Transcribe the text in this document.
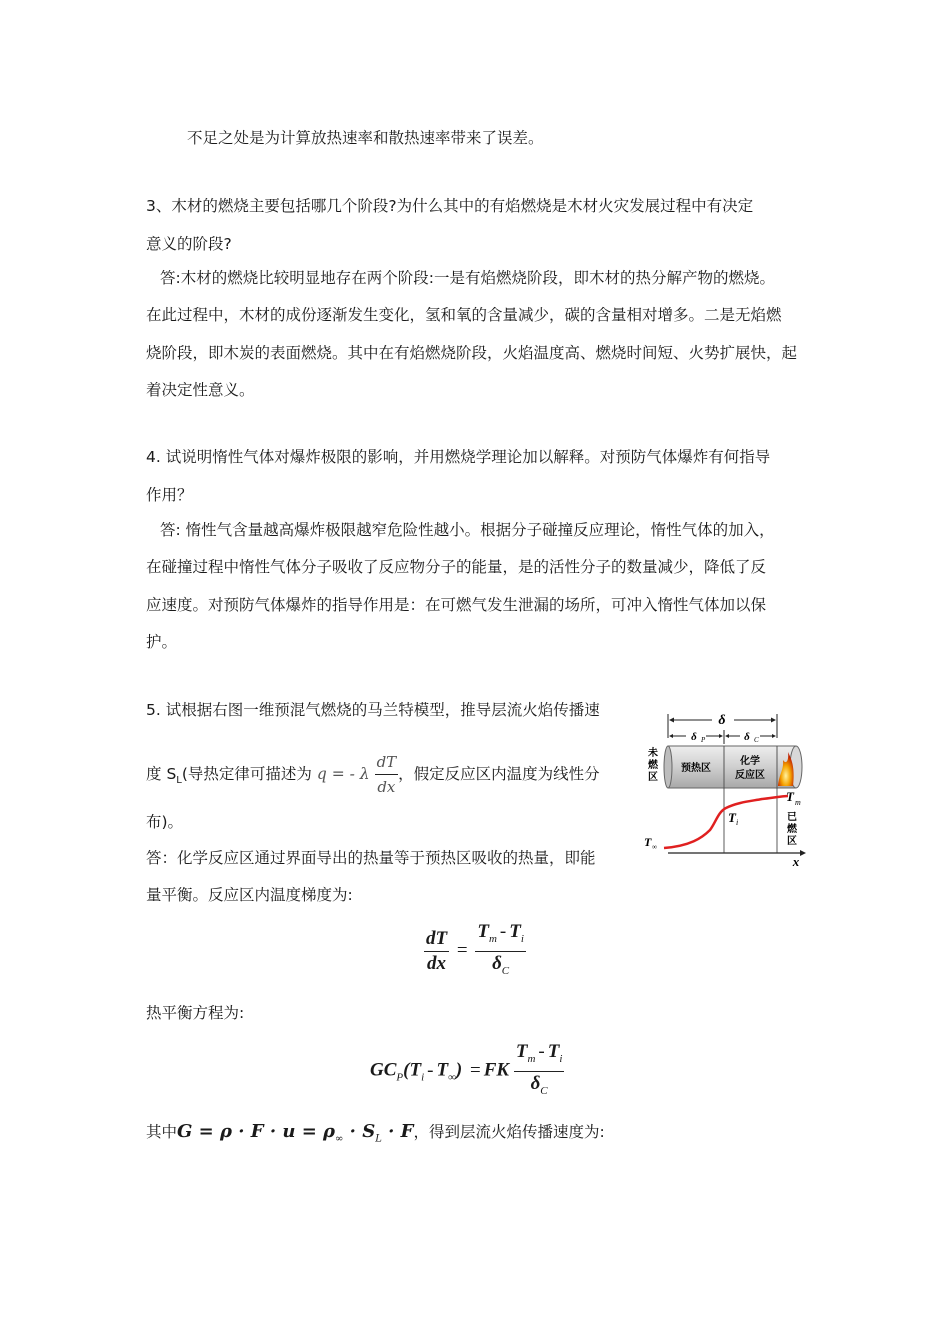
不足之处是为计算放热速率和散热速率带来了误差。
3、木材的燃烧主要包括哪几个阶段?为什么其中的有焰燃烧是木材火灾发展过程中有决定
意义的阶段?
答:木材的燃烧比较明显地存在两个阶段:一是有焰燃烧阶段，即木材的热分解产物的燃烧。
在此过程中，木材的成份逐渐发生变化，氢和氧的含量减少，碳的含量相对增多。二是无焰燃
烧阶段，即木炭的表面燃烧。其中在有焰燃烧阶段，火焰温度高、燃烧时间短、火势扩展快，起
着决定性意义。
4. 试说明惰性气体对爆炸极限的影响，并用燃烧学理论加以解释。对预防气体爆炸有何指导
作用？
答: 惰性气含量越高爆炸极限越窄危险性越小。根据分子碰撞反应理论，惰性气体的加入，
在碰撞过程中惰性气体分子吸收了反应物分子的能量，是的活性分子的数量减少，降低了反
应速度。对预防气体爆炸的指导作用是：在可燃气发生泄漏的场所，可冲入惰性气体加以保
护。
5. 试根据右图一维预混气燃烧的马兰特模型，推导层流火焰传播速
度 $S_L$(导热定律可描述为 q = - λ $\frac{dT}{dx}$ ，假定反应区内温度为线性分
布)。
答：化学反应区通过界面导出的热量等于预热区吸收的热量，即能
量平衡。反应区内温度梯度为:
$\frac{dT}{dx} = \frac{T_m - T_i}{\delta_C}$
热平衡方程为:
$GC_P(T_i - T_\infty)$ = FK $\frac{T_m - T_i}{\delta_C}$
其中$G = \rho \cdot F \cdot u = \rho_\infty \cdot S_L \cdot F$，得到层流火焰传播速度为:
δ
δ P	δ C
预热区
化学
反应区
未
燃
区
x
T ∞
T i
T m
已
燃
区
